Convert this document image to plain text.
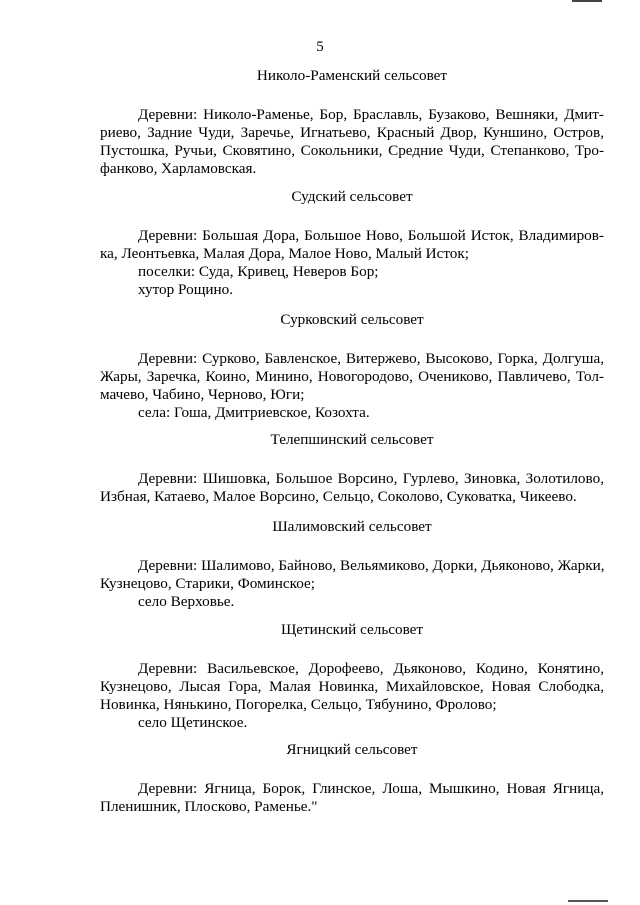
5
Николо-Раменский сельсовет
Деревни: Николо-Раменье, Бор, Браславль, Бузаково, Вешняки, Дмит-
риево, Задние Чуди, Заречье, Игнатьево, Красный Двор, Куншино, Остров,
Пустошка, Ручьи, Сковятино, Сокольники, Средние Чуди, Степанково, Тро-
фанково, Харламовская.
Судский сельсовет
Деревни: Большая Дора, Большое Ново, Большой Исток, Владимиров-
ка, Леонтьевка, Малая Дора, Малое Ново, Малый Исток;
поселки: Суда, Кривец, Неверов Бор;
хутор Рощино.
Сурковский сельсовет
Деревни: Сурково, Бавленское, Витержево, Высоково, Горка, Долгуша,
Жары, Заречка, Коино, Минино, Новогородово, Очениково, Павличево, Тол-
мачево, Чабино, Черново, Юги;
села: Гоша, Дмитриевское, Козохта.
Телепшинский сельсовет
Деревни: Шишовка, Большое Ворсино, Гурлево, Зиновка, Золотилово,
Избная, Катаево, Малое Ворсино, Сельцо, Соколово, Суковатка, Чикеево.
Шалимовский сельсовет
Деревни: Шалимово, Байново, Вельямиково, Дорки, Дьяконово, Жарки,
Кузнецово, Старики, Фоминское;
село Верховье.
Щетинский сельсовет
Деревни: Васильевское, Дорофеево, Дьяконово, Кодино, Конятино,
Кузнецово, Лысая Гора, Малая Новинка, Михайловское, Новая Слободка,
Новинка, Нянькино, Погорелка, Сельцо, Тябунино, Фролово;
село Щетинское.
Ягницкий сельсовет
Деревни: Ягница, Борок, Глинское, Лоша, Мышкино, Новая Ягница,
Пленишник, Плосково, Раменье."
